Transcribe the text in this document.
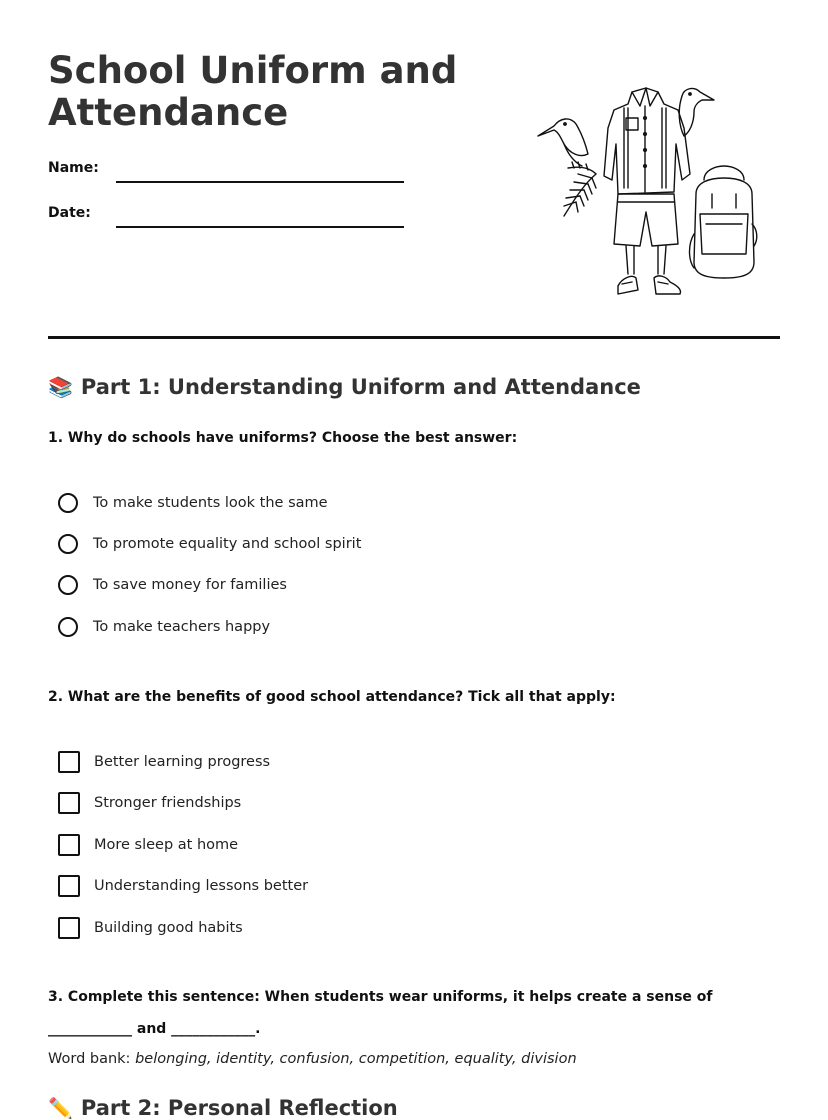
School Uniform and Attendance
Name:
Date:
📚 Part 1: Understanding Uniform and Attendance
1. Why do schools have uniforms? Choose the best answer:
To make students look the same
To promote equality and school spirit
To save money for families
To make teachers happy
2. What are the benefits of good school attendance? Tick all that apply:
Better learning progress
Stronger friendships
More sleep at home
Understanding lessons better
Building good habits
3. Complete this sentence: When students wear uniforms, it helps create a sense of ____________ and ____________.
Word bank: belonging, identity, confusion, competition, equality, division
✏️ Part 2: Personal Reflection
